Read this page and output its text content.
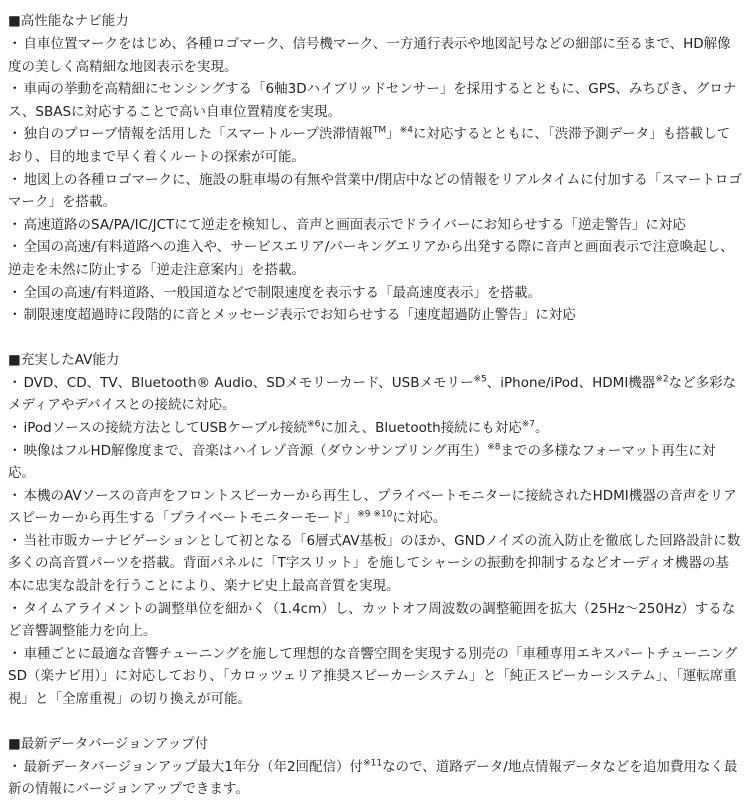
■高性能なナビ能力

・ 自車位置マークをはじめ、各種ロゴマーク、信号機マーク、一方通行表示や地図記号などの細部に至るまで、HD解像度の美しく高精細な地図表示を実現。
・ 車両の挙動を高精細にセンシングする「6軸3Dハイブリッドセンサー」を採用するとともに、GPS、みちびき、グロナス、SBASに対応することで高い自車位置精度を実現。
・ 独自のプローブ情報を活用した「スマートループ渋滞情報™」$^{※4}$に対応するとともに、「渋滞予測データ」も搭載しており、目的地まで早く着くルートの探索が可能。
・ 地図上の各種ロゴマークに、施設の駐車場の有無や営業中/閉店中などの情報をリアルタイムに付加する「スマートロゴマーク」を搭載。
・ 高速道路のSA/PA/IC/JCTにて逆走を検知し、音声と画面表示でドライバーにお知らせする「逆走警告」に対応
・ 全国の高速/有料道路への進入や、サービスエリア/パーキングエリアから出発する際に音声と画面表示で注意喚起し、逆走を未然に防止する「逆走注意案内」を搭載。
・ 全国の高速/有料道路、一般国道などで制限速度を表示する「最高速度表示」を搭載。
・ 制限速度超過時に段階的に音とメッセージ表示でお知らせする「速度超過防止警告」に対応

■充実したAV能力

・ DVD、CD、TV、Bluetooth® Audio、SDメモリーカード、USBメモリー$^{※5}$、iPhone/iPod、HDMI機器$^{※2}$など多彩なメディアやデバイスとの接続に対応。
・ iPodソースの接続方法としてUSBケーブル接続$^{※6}$に加え、Bluetooth接続にも対応$^{※7}$。
・ 映像はフルHD解像度まで、音楽はハイレゾ音源（ダウンサンプリング再生）$^{※8}$までの多様なフォーマット再生に対応。
・ 本機のAVソースの音声をフロントスピーカーから再生し、プライベートモニターに接続されたHDMI機器の音声をリアスピーカーから再生する「プライベートモニターモード」$^{※9 ※10}$に対応。
・ 当社市販カーナビゲーションとして初となる「6層式AV基板」のほか、GNDノイズの流入防止を徹底した回路設計に数多くの高音質パーツを搭載。背面パネルに「T字スリット」を施してシャーシの振動を抑制するなどオーディオ機器の基本に忠実な設計を行うことにより、楽ナビ史上最高音質を実現。
・ タイムアライメントの調整単位を細かく（1.4cm）し、カットオフ周波数の調整範囲を拡大（25Hz〜250Hz）するなど音響調整能力を向上。
・ 車種ごとに最適な音響チューニングを施して理想的な音響空間を実現する別売の「車種専用エキスパートチューニングSD（楽ナビ用）」に対応しており、「カロッツェリア推奨スピーカーシステム」と「純正スピーカーシステム」、「運転席重視」と「全席重視」の切り換えが可能。

■最新データバージョンアップ付

・ 最新データバージョンアップ最大1年分（年2回配信）付$^{※11}$なので、道路データ/地点情報データなどを追加費用なく最新の情報にバージョンアップできます。
